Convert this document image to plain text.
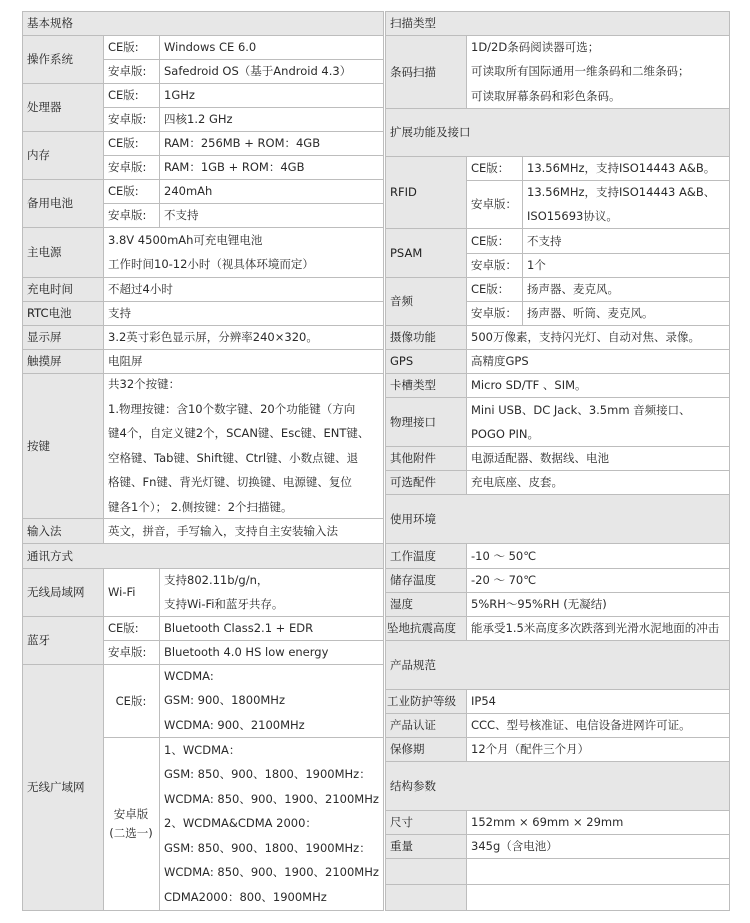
基本规格
操作系统
CE版:	Windows CE 6.0
安卓版:	Safedroid OS（基于Android 4.3）
处理器
CE版:	1GHz
安卓版:	四核1.2 GHz
内存
CE版:	RAM：256MB + ROM：4GB
安卓版:	RAM：1GB + ROM：4GB
备用电池
CE版:	240mAh
安卓版:	不支持
主电源
3.8V 4500mAh可充电锂电池
工作时间10-12小时（视具体环境而定）
充电时间	不超过4小时
RTC电池	支持
显示屏	3.2英寸彩色显示屏，分辨率240×320。
触摸屏	电阻屏
按键
共32个按键：
1.物理按键：含10个数字键、20个功能键（方向
键4个，自定义键2个，SCAN键、Esc键、ENT键、
空格键、Tab键、Shift键、Ctrl键、小数点键、退
格键、Fn键、背光灯键、切换键、电源键、复位
键各1个）； 2.侧按键：2个扫描键。
输入法	英文，拼音，手写输入，支持自主安装输入法
通讯方式
无线局域网	Wi-Fi
支持802.11b/g/n，
支持Wi-Fi和蓝牙共存。
蓝牙
CE版:	Bluetooth Class2.1 + EDR
安卓版:	Bluetooth 4.0 HS low energy
无线广域网
CE版:
WCDMA:
GSM: 900、1800MHz
WCDMA: 900、2100MHz
安卓版
(二选一)
1、WCDMA：
GSM: 850、900、1800、1900MHz：
WCDMA: 850、900、1900、2100MHz
2、WCDMA&CDMA 2000：
GSM: 850、900、1800、1900MHz：
WCDMA: 850、900、1900、2100MHz
CDMA2000：800、1900MHz
扫描类型
条码扫描
1D/2D条码阅读器可选；
可读取所有国际通用一维条码和二维条码；
可读取屏幕条码和彩色条码。
扩展功能及接口
RFID
CE版：	13.56MHz，支持ISO14443 A&B。
安卓版：
13.56MHz，支持ISO14443 A&B、
ISO15693协议。
PSAM
CE版：	不支持
安卓版： 1个
音频
CE版：	扬声器、麦克风。
安卓版： 扬声器、听筒、麦克风。
摄像功能	500万像素，支持闪光灯、自动对焦、录像。
GPS	高精度GPS
卡槽类型	Micro SD/TF 、SIM。
物理接口
Mini USB、DC Jack、3.5mm 音频接口、
POGO PIN。
其他附件	电源适配器、数据线、电池
可选配件	充电底座、皮套。
使用环境
工作温度	-10 ～ 50℃
储存温度	-20 ～ 70℃
湿度	5%RH～95%RH (无凝结)
坠地抗震高度	能承受1.5米高度多次跌落到光滑水泥地面的冲击
产品规范
工业防护等级	IP54
产品认证	CCC、型号核准证、电信设备进网许可证。
保修期	12个月（配件三个月）
结构参数
尺寸	152mm × 69mm × 29mm
重量	345g（含电池）
